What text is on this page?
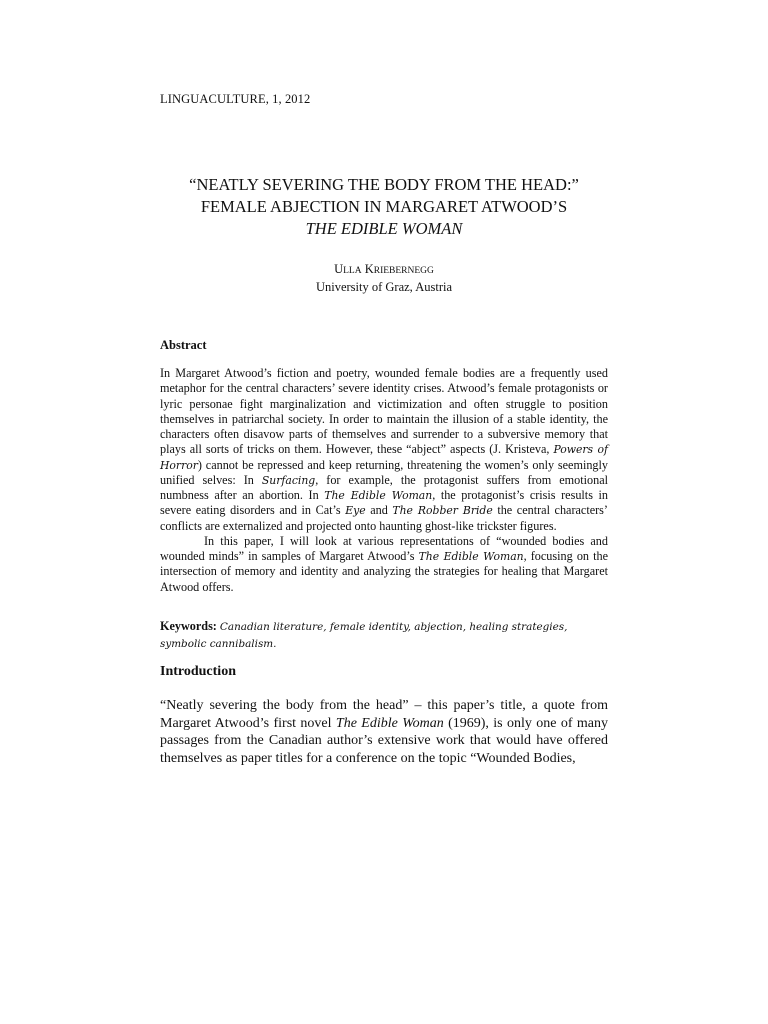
LINGUACULTURE, 1, 2012
“NEATLY SEVERING THE BODY FROM THE HEAD:”
FEMALE ABJECTION IN MARGARET ATWOOD’S
THE EDIBLE WOMAN
ULLA KRIEBERNEGG
University of Graz, Austria
Abstract

In Margaret Atwood’s fiction and poetry, wounded female bodies are a frequently used metaphor for the central characters’ severe identity crises. Atwood’s female protagonists or lyric personae fight marginalization and victimization and often struggle to position themselves in patriarchal society. In order to maintain the illusion of a stable identity, the characters often disavow parts of themselves and surrender to a subversive memory that plays all sorts of tricks on them. However, these “abject” aspects (J. Kristeva, Powers of Horror) cannot be repressed and keep returning, threatening the women’s only seemingly unified selves: In Surfacing, for example, the protagonist suffers from emotional numbness after an abortion. In The Edible Woman, the protagonist’s crisis results in severe eating disorders and in Cat’s Eye and The Robber Bride the central characters’ conflicts are externalized and projected onto haunting ghost-like trickster figures.

In this paper, I will look at various representations of “wounded bodies and wounded minds” in samples of Margaret Atwood’s The Edible Woman, focusing on the intersection of memory and identity and analyzing the strategies for healing that Margaret Atwood offers.

Keywords: Canadian literature, female identity, abjection, healing strategies, symbolic cannibalism.
Introduction

“Neatly severing the body from the head” – this paper’s title, a quote from Margaret Atwood’s first novel The Edible Woman (1969), is only one of many passages from the Canadian author’s extensive work that would have offered themselves as paper titles for a conference on the topic “Wounded Bodies,
